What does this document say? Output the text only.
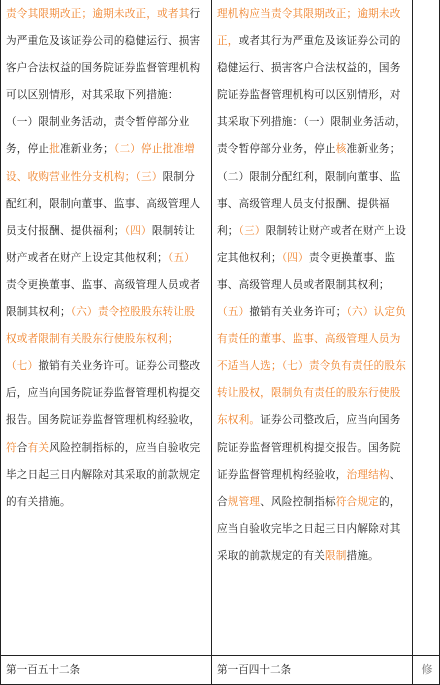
责令其限期改正；逾期未改正，或者其行为严重危及该证券公司的稳健运行、损害客户合法权益的国务院证券监督管理机构可以区别情形，对其采取下列措施：（一）限制业务活动，责令暂停部分业务，停止批准新业务；（二）停止批准增设、收购营业性分支机构；（三）限制分配红利，限制向董事、监事、高级管理人员支付报酬、提供福利；（四）限制转让财产或者在财产上设定其他权利；（五）责令更换董事、监事、高级管理人员或者限制其权利；（六）责令控股股东转让股权或者限制有关股东行使股东权利；（七）撤销有关业务许可。证券公司整改后，应当向国务院证券监督管理机构提交报告。国务院证券监督管理机构经验收，符合有关风险控制指标的，应当自验收完毕之日起三日内解除对其采取的前款规定的有关措施。
理机构应当责令其限期改正；逾期未改正，或者其行为严重危及该证券公司的稳健运行、损害客户合法权益的，国务院证券监督管理机构可以区别情形，对其采取下列措施：（一）限制业务活动，责令暂停部分业务，停止核准新业务；（二）限制分配红利，限制向董事、监事、高级管理人员支付报酬、提供福利；（三）限制转让财产或者在财产上设定其他权利；（四）责令更换董事、监事、高级管理人员或者限制其权利；（五）撤销有关业务许可；（六）认定负有责任的董事、监事、高级管理人员为不适当人选；（七）责令负有责任的股东转让股权，限制负有责任的股东行使股东权利。证券公司整改后，应当向国务院证券监督管理机构提交报告。国务院证券监督管理机构经验收，治理结构、合规管理、风险控制指标符合规定的，应当自验收完毕之日起三日内解除对其采取的前款规定的有关限制措施。
第一百五十二条	第一百四十二条	修
